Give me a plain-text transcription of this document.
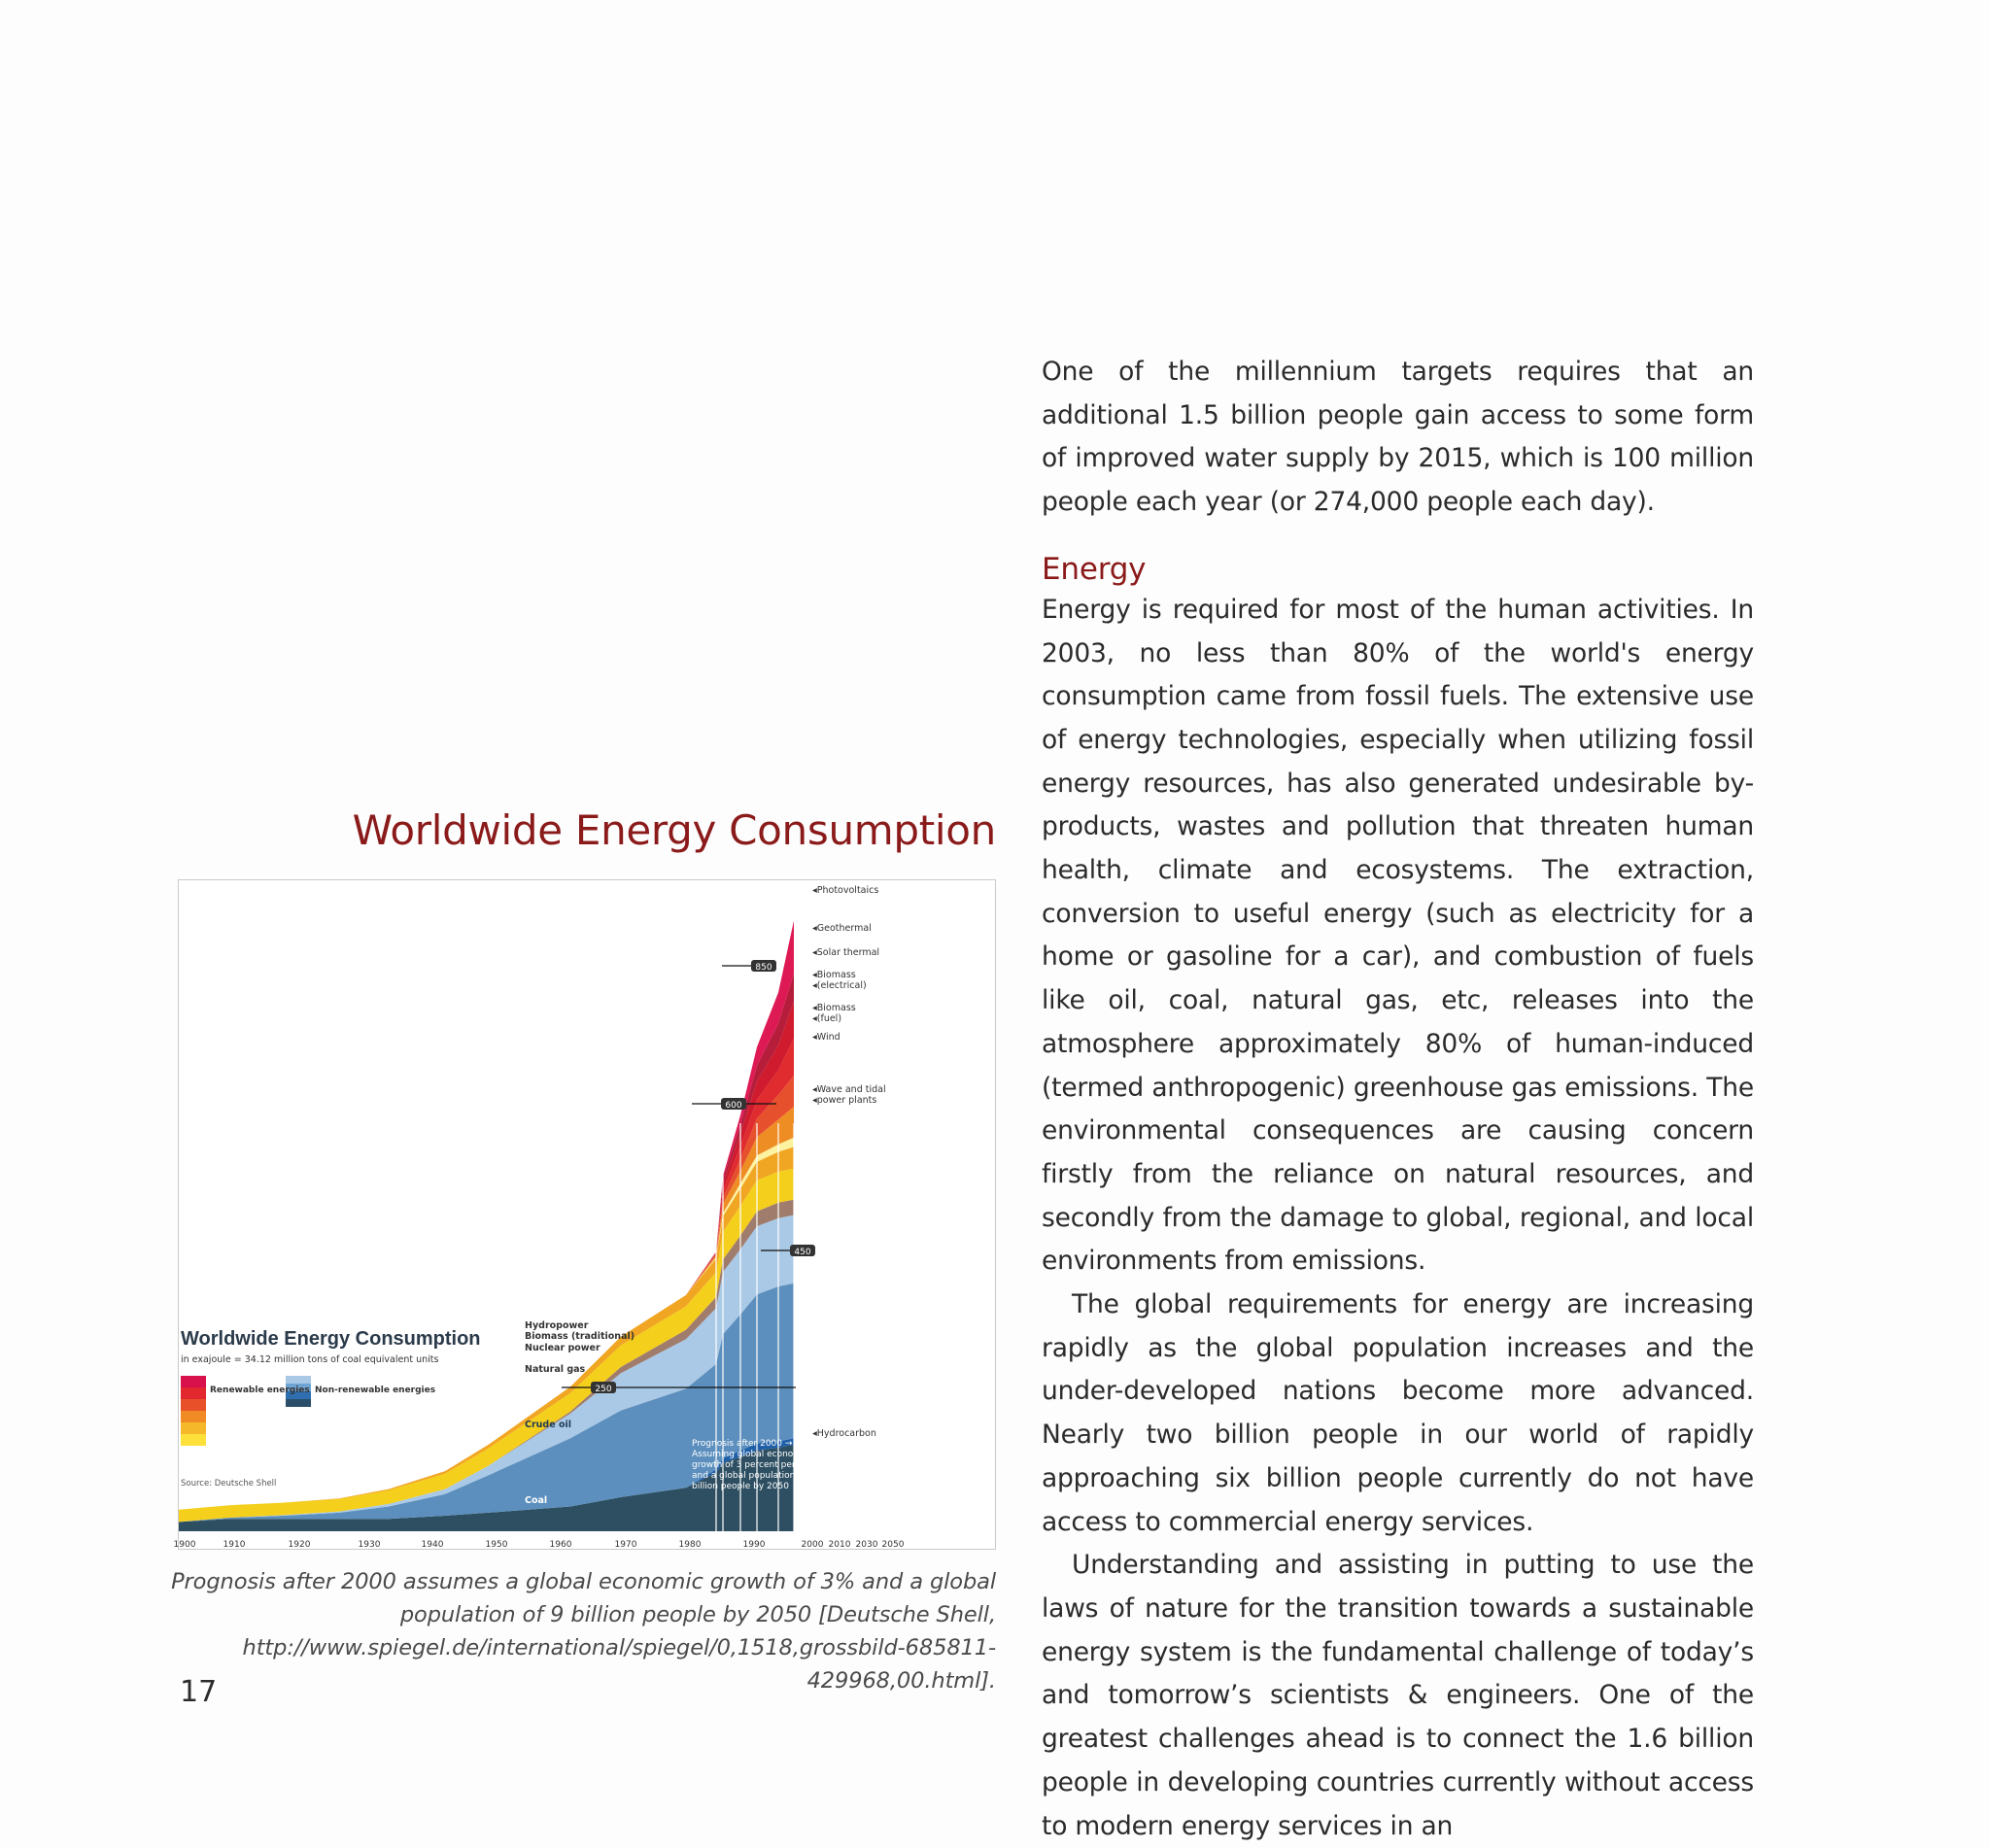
Worldwide Energy Consumption
850
600
450
250
1900	1910	1920	1930	1940	1950	1960	1970	1980	1990	2000 2010 2030 2050
◂Photovoltaics
◂Geothermal
◂Solar thermal
◂Biomass
◂(electrical)
◂Biomass
◂(fuel)
◂Wind
◂Wave and tidal
◂power plants
◂Hydrocarbon
Hydropower
Biomass (traditional)
Nuclear power
Natural gas
Crude oil
Coal
Worldwide Energy Consumption
in exajoule = 34.12 million tons of coal equivalent units
Renewable energies Non-renewable energies
Source: Deutsche Shell
Prognosis after 2000 → Assuming global economic growth of 3 percent per year and a global population of 9 billion people by 2050
Prognosis after 2000 assumes a global economic growth of 3% and a global population of 9 billion people by 2050 [Deutsche Shell, http://www.spiegel.de/international/spiegel/0,1518,grossbild-685811-429968,00.html].
17

One of the millennium targets requires that an additional 1.5 billion people gain access to some form of improved water supply by 2015, which is 100 million people each year (or 274,000 people each day).

Energy

Energy is required for most of the human activities. In 2003, no less than 80% of the world's energy consumption came from fossil fuels. The extensive use of energy technologies, especially when utilizing fossil energy resources, has also generated undesirable by-products, wastes and pollution that threaten human health, climate and ecosystems. The extraction, conversion to useful energy (such as electricity for a home or gasoline for a car), and combustion of fuels like oil, coal, natural gas, etc, releases into the atmosphere approximately 80% of human-induced (termed anthropogenic) greenhouse gas emissions. The environmental consequences are causing concern firstly from the reliance on natural resources, and secondly from the damage to global, regional, and local environments from emissions.

The global requirements for energy are increasing rapidly as the global population increases and the under-developed nations become more advanced. Nearly two billion people in our world of rapidly approaching six billion people currently do not have access to commercial energy services.

Understanding and assisting in putting to use the laws of nature for the transition towards a sustainable energy system is the fundamental challenge of today’s and tomorrow’s scientists & engineers. One of the greatest challenges ahead is to connect the 1.6 billion people in developing countries currently without access to modern energy services in an
